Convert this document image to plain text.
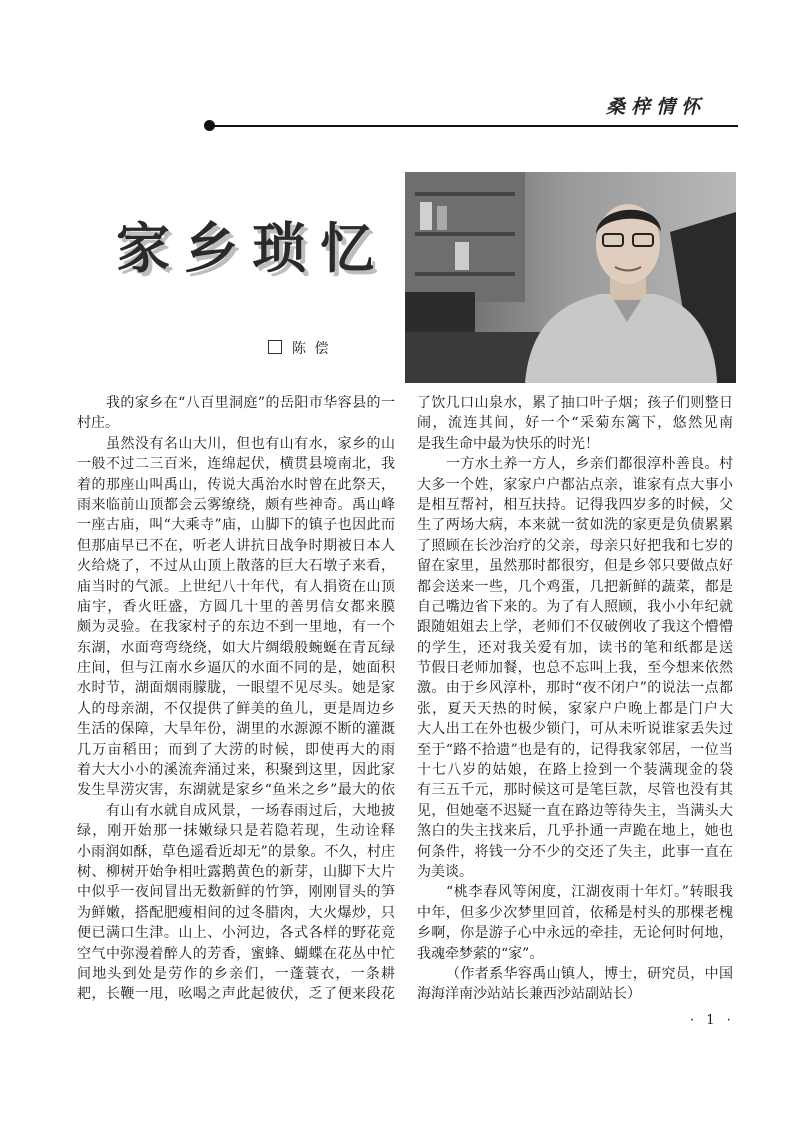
桑梓情怀
家乡琐忆
陈 偿
我的家乡在“八百里洞庭”的岳阳市华容县的一
村庄。
虽然没有名山大川，但也有山有水，家乡的山
一般不过二三百米，连绵起伏，横贯县境南北，我
着的那座山叫禹山，传说大禹治水时曾在此祭天，
雨来临前山顶都会云雾缭绕，颇有些神奇。禹山峰
一座古庙，叫“大乘寺”庙，山脚下的镇子也因此而
但那庙早已不在，听老人讲抗日战争时期被日本人
火给烧了，不过从山顶上散落的巨大石墩子来看，
庙当时的气派。上世纪八十年代，有人捐资在山顶
庙宇，香火旺盛，方圆几十里的善男信女都来膜
颇为灵验。在我家村子的东边不到一里地，有一个
东湖，水面弯弯绕绕，如大片绸缎般蜿蜒在青瓦绿
庄间，但与江南水乡逼仄的水面不同的是，她面积
水时节，湖面烟雨朦胧，一眼望不见尽头。她是家
人的母亲湖，不仅提供了鲜美的鱼儿，更是周边乡
生活的保障，大旱年份，湖里的水源源不断的灌溉
几万亩稻田；而到了大涝的时候，即使再大的雨
着大大小小的溪流奔涌过来，积聚到这里，因此家
发生旱涝灾害，东湖就是家乡“鱼米之乡”最大的依
有山有水就自成风景，一场春雨过后，大地披
绿，刚开始那一抹嫩绿只是若隐若现，生动诠释
小雨润如酥，草色遥看近却无”的景象。不久，村庄
树、柳树开始争相吐露鹅黄色的新芽，山脚下大片
中似乎一夜间冒出无数新鲜的竹笋，刚刚冒头的笋
为鲜嫩，搭配肥瘦相间的过冬腊肉，大火爆炒，只
便已满口生津。山上、小河边，各式各样的野花竞
空气中弥漫着醉人的芳香，蜜蜂、蝴蝶在花丛中忙
间地头到处是劳作的乡亲们，一蓬蓑衣，一条耕
耙，长鞭一甩，吆喝之声此起彼伏，乏了便来段花
了饮几口山泉水，累了抽口叶子烟；孩子们则整日
闹，流连其间，好一个“采菊东篱下，悠然见南
是我生命中最为快乐的时光！
一方水土养一方人，乡亲们都很淳朴善良。村
大多一个姓，家家户户都沾点亲，谁家有点大事小
是相互帮衬，相互扶持。记得我四岁多的时候，父
生了两场大病，本来就一贫如洗的家更是负债累累
了照顾在长沙治疗的父亲，母亲只好把我和七岁的
留在家里，虽然那时都很穷，但是乡邻只要做点好
都会送来一些，几个鸡蛋，几把新鲜的蔬菜，都是
自己嘴边省下来的。为了有人照顾，我小小年纪就
跟随姐姐去上学，老师们不仅破例收了我这个懵懵
的学生，还对我关爱有加，读书的笔和纸都是送
节假日老师加餐，也总不忘叫上我，至今想来依然
激。由于乡风淳朴，那时“夜不闭户”的说法一点都
张，夏天天热的时候，家家户户晚上都是门户大
大人出工在外也极少锁门，可从未听说谁家丢失过
至于“路不拾遗”也是有的，记得我家邻居，一位当
十七八岁的姑娘，在路上捡到一个装满现金的袋
有三五千元，那时候这可是笔巨款，尽管也没有其
见，但她毫不迟疑一直在路边等待失主，当满头大
煞白的失主找来后，几乎扑通一声跪在地上，她也
何条件，将钱一分不少的交还了失主，此事一直在
为美谈。
“桃李春风等闲度，江湖夜雨十年灯。”转眼我
中年，但多少次梦里回首，依稀是村头的那棵老槐
乡啊，你是游子心中永远的牵挂，无论何时何地，
我魂牵梦萦的“家”。
（作者系华容禹山镇人，博士，研究员，中国
海海洋南沙站站长兼西沙站副站长）
· 1 ·
